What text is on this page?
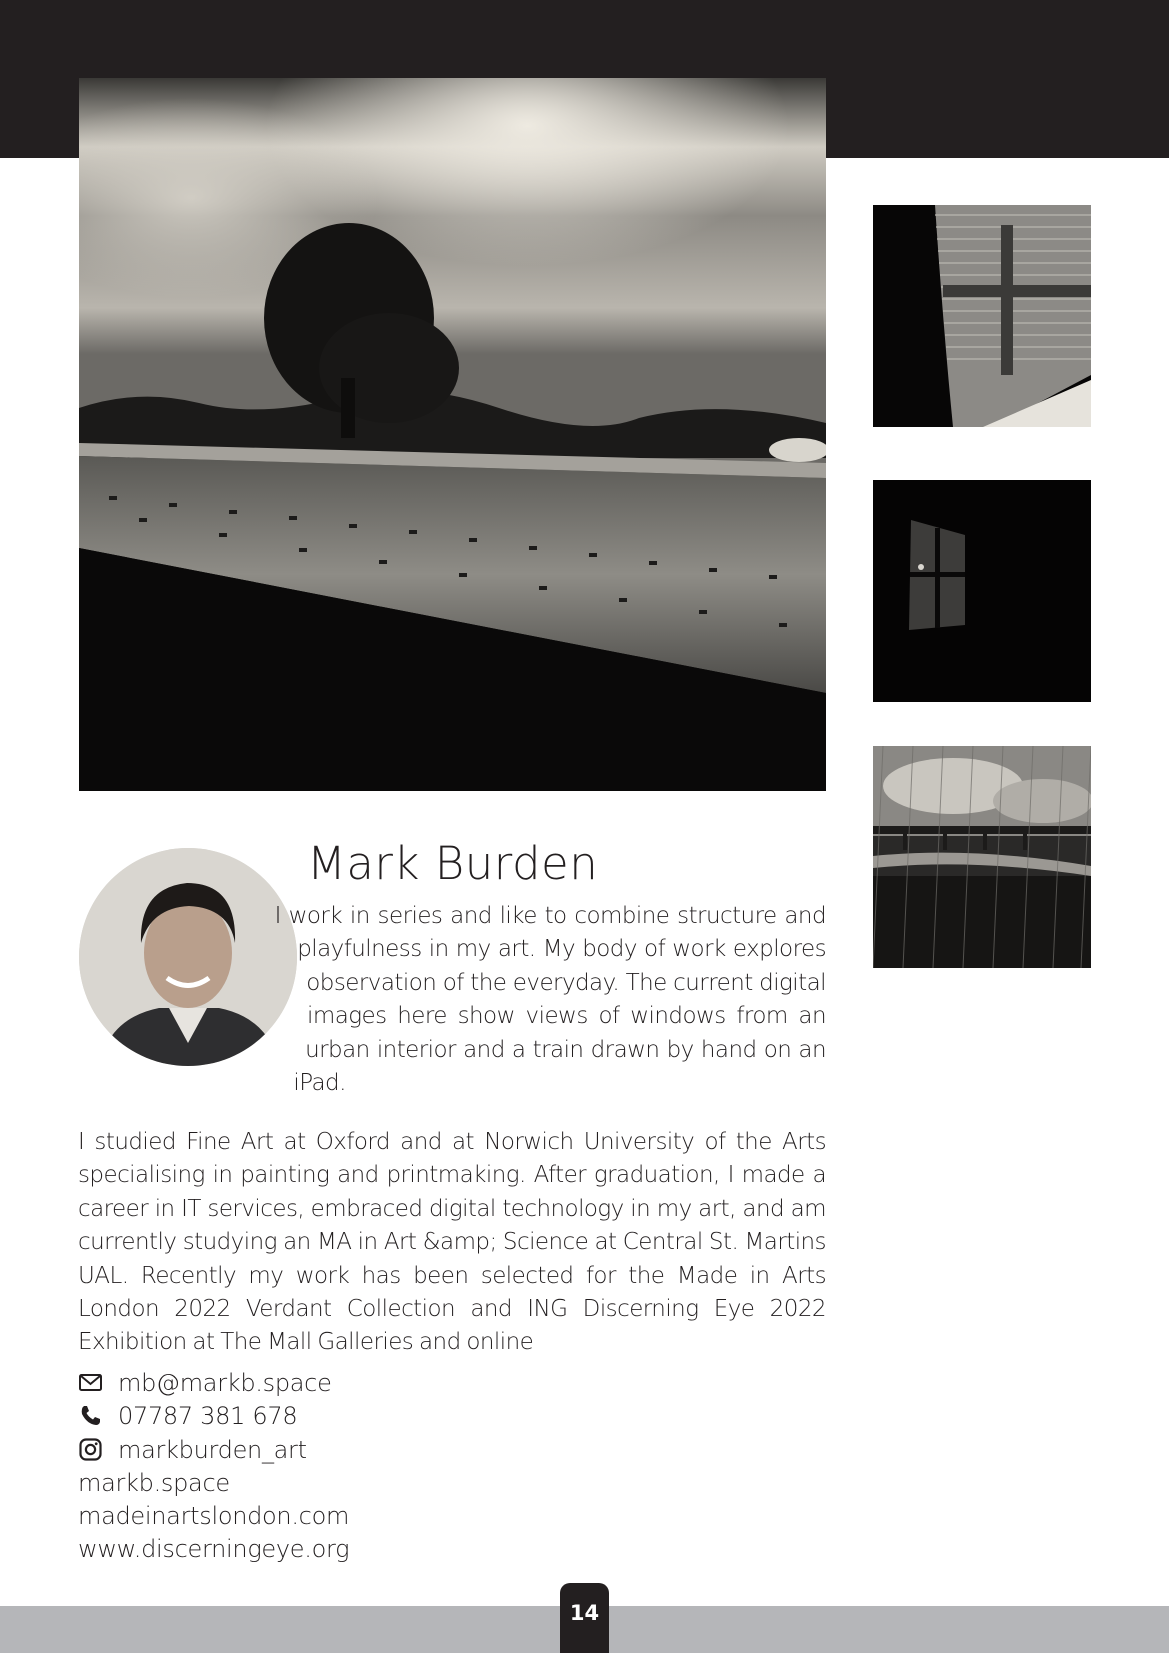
Mark Burden
I work in series and like to combine structure and playfulness in my art. My body of work explores observation of the everyday. The current digital images here show views of windows from an urban interior and a train drawn by hand on an iPad.
I studied Fine Art at Oxford and at Norwich University of the Arts specialising in painting and printmaking. After graduation, I made a career in IT services, embraced digital technology in my art, and am currently studying an MA in Art &amp; Science at Central St. Martins UAL. Recently my work has been selected for the Made in Arts London 2022 Verdant Collection and ING Discerning Eye 2022 Exhibition at The Mall Galleries and online
mb@markb.space
07787 381 678
markburden_art
markb.space
madeinartslondon.com
www.discerningeye.org
14
